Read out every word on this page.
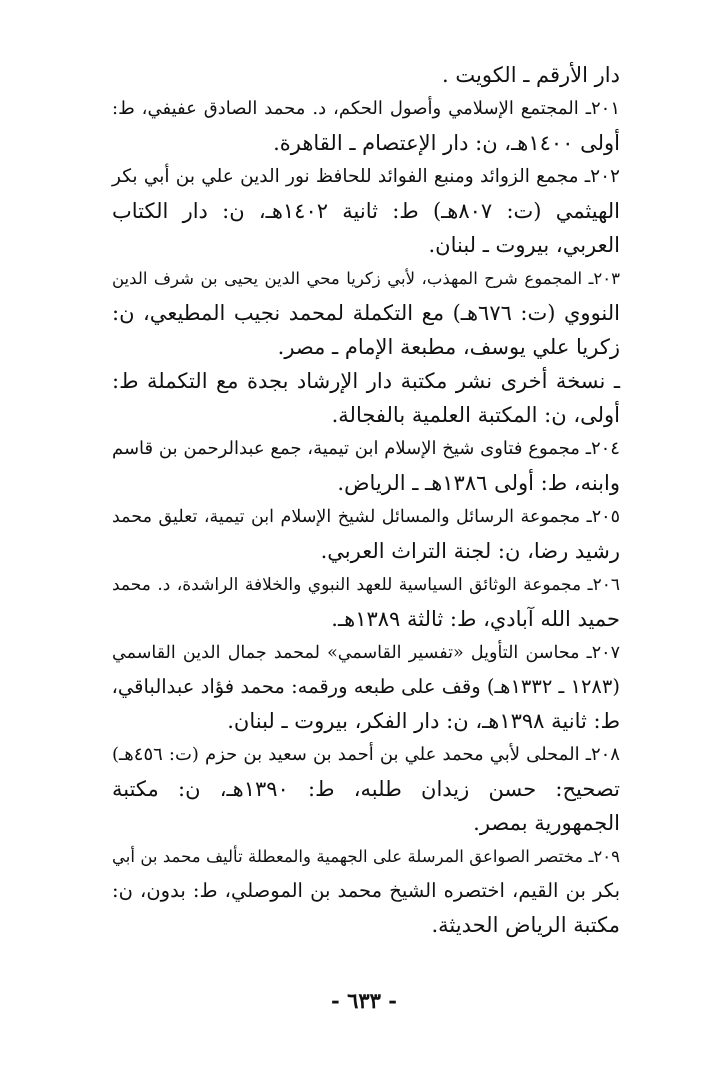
دار الأرقم ـ الكويت .
٢٠١ـ المجتمع الإسلامي وأصول الحكم، د. محمد الصادق عفيفي، ط:
أولى ١٤٠٠هـ، ن: دار الإعتصام ـ القاهرة.
٢٠٢ـ مجمع الزوائد ومنبع الفوائد للحافظ نور الدين علي بن أبي بكر
الهيثمي (ت: ٨٠٧هـ) ط: ثانية ١٤٠٢هـ، ن: دار الكتاب
العربي، بيروت ـ لبنان.
٢٠٣ـ المجموع شرح المهذب، لأبي زكريا محي الدين يحيى بن شرف الدين
النووي (ت: ٦٧٦هـ) مع التكملة لمحمد نجيب المطيعي، ن:
زكريا علي يوسف، مطبعة الإمام ـ مصر.
ـ نسخة أخرى نشر مكتبة دار الإرشاد بجدة مع التكملة ط:
أولى، ن: المكتبة العلمية بالفجالة.
٢٠٤ـ مجموع فتاوى شيخ الإسلام ابن تيمية، جمع عبدالرحمن بن قاسم
وابنه، ط: أولى ١٣٨٦هـ ـ الرياض.
٢٠٥ـ مجموعة الرسائل والمسائل لشيخ الإسلام ابن تيمية، تعليق محمد
رشيد رضا، ن: لجنة التراث العربي.
٢٠٦ـ مجموعة الوثائق السياسية للعهد النبوي والخلافة الراشدة، د. محمد
حميد الله آبادي، ط: ثالثة ١٣٨٩هـ.
٢٠٧ـ محاسن التأويل «تفسير القاسمي» لمحمد جمال الدين القاسمي
(١٢٨٣ ـ ١٣٣٢هـ) وقف على طبعه ورقمه: محمد فؤاد عبدالباقي،
ط: ثانية ١٣٩٨هـ، ن: دار الفكر، بيروت ـ لبنان.
٢٠٨ـ المحلى لأبي محمد علي بن أحمد بن سعيد بن حزم (ت: ٤٥٦هـ)
تصحيح: حسن زيدان طلبه، ط: ١٣٩٠هـ، ن: مكتبة
الجمهورية بمصر.
٢٠٩ـ مختصر الصواعق المرسلة على الجهمية والمعطلة تأليف محمد بن أبي
بكر بن القيم، اختصره الشيخ محمد بن الموصلي، ط: بدون، ن:
مكتبة الرياض الحديثة.
- ٦٣٣ -
